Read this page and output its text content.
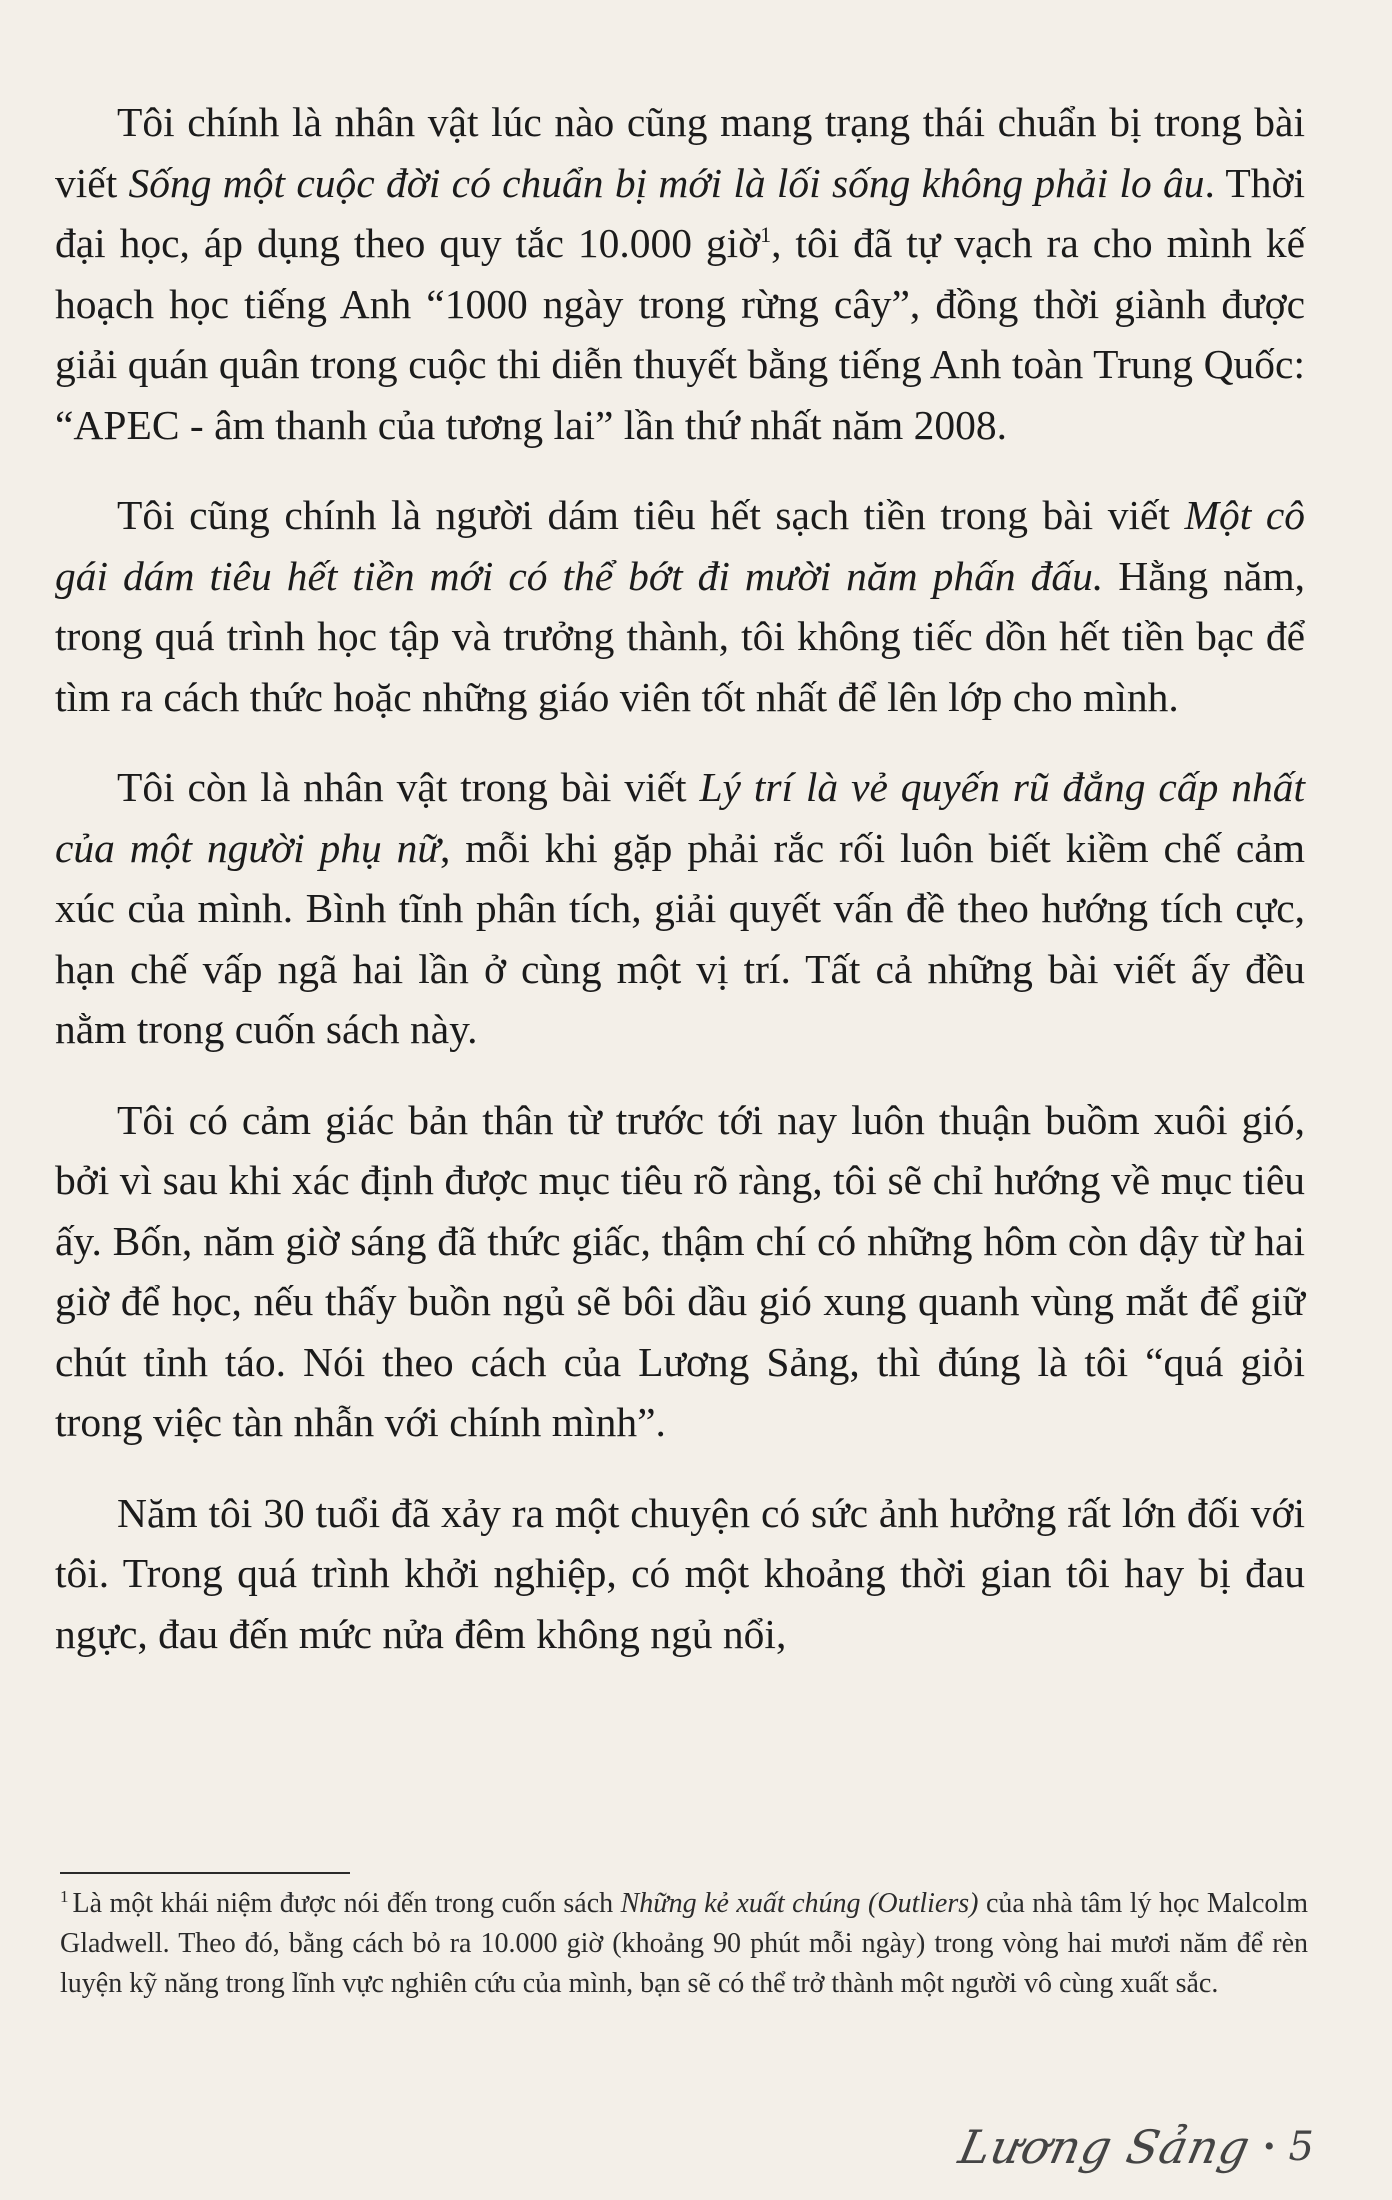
Tôi chính là nhân vật lúc nào cũng mang trạng thái chuẩn bị trong bài viết Sống một cuộc đời có chuẩn bị mới là lối sống không phải lo âu. Thời đại học, áp dụng theo quy tắc 10.000 giờ$^1$, tôi đã tự vạch ra cho mình kế hoạch học tiếng Anh “1000 ngày trong rừng cây”, đồng thời giành được giải quán quân trong cuộc thi diễn thuyết bằng tiếng Anh toàn Trung Quốc: “APEC - âm thanh của tương lai” lần thứ nhất năm 2008.

Tôi cũng chính là người dám tiêu hết sạch tiền trong bài viết Một cô gái dám tiêu hết tiền mới có thể bớt đi mười năm phấn đấu. Hằng năm, trong quá trình học tập và trưởng thành, tôi không tiếc dồn hết tiền bạc để tìm ra cách thức hoặc những giáo viên tốt nhất để lên lớp cho mình.

Tôi còn là nhân vật trong bài viết Lý trí là vẻ quyến rũ đẳng cấp nhất của một người phụ nữ, mỗi khi gặp phải rắc rối luôn biết kiềm chế cảm xúc của mình. Bình tĩnh phân tích, giải quyết vấn đề theo hướng tích cực, hạn chế vấp ngã hai lần ở cùng một vị trí. Tất cả những bài viết ấy đều nằm trong cuốn sách này.

Tôi có cảm giác bản thân từ trước tới nay luôn thuận buồm xuôi gió, bởi vì sau khi xác định được mục tiêu rõ ràng, tôi sẽ chỉ hướng về mục tiêu ấy. Bốn, năm giờ sáng đã thức giấc, thậm chí có những hôm còn dậy từ hai giờ để học, nếu thấy buồn ngủ sẽ bôi dầu gió xung quanh vùng mắt để giữ chút tỉnh táo. Nói theo cách của Lương Sảng, thì đúng là tôi “quá giỏi trong việc tàn nhẫn với chính mình”.

Năm tôi 30 tuổi đã xảy ra một chuyện có sức ảnh hưởng rất lớn đối với tôi. Trong quá trình khởi nghiệp, có một khoảng thời gian tôi hay bị đau ngực, đau đến mức nửa đêm không ngủ nổi,

$^1$ Là một khái niệm được nói đến trong cuốn sách Những kẻ xuất chúng (Outliers) của nhà tâm lý học Malcolm Gladwell. Theo đó, bằng cách bỏ ra 10.000 giờ (khoảng 90 phút mỗi ngày) trong vòng hai mươi năm để rèn luyện kỹ năng trong lĩnh vực nghiên cứu của mình, bạn sẽ có thể trở thành một người vô cùng xuất sắc.
Lương Sảng • 5
